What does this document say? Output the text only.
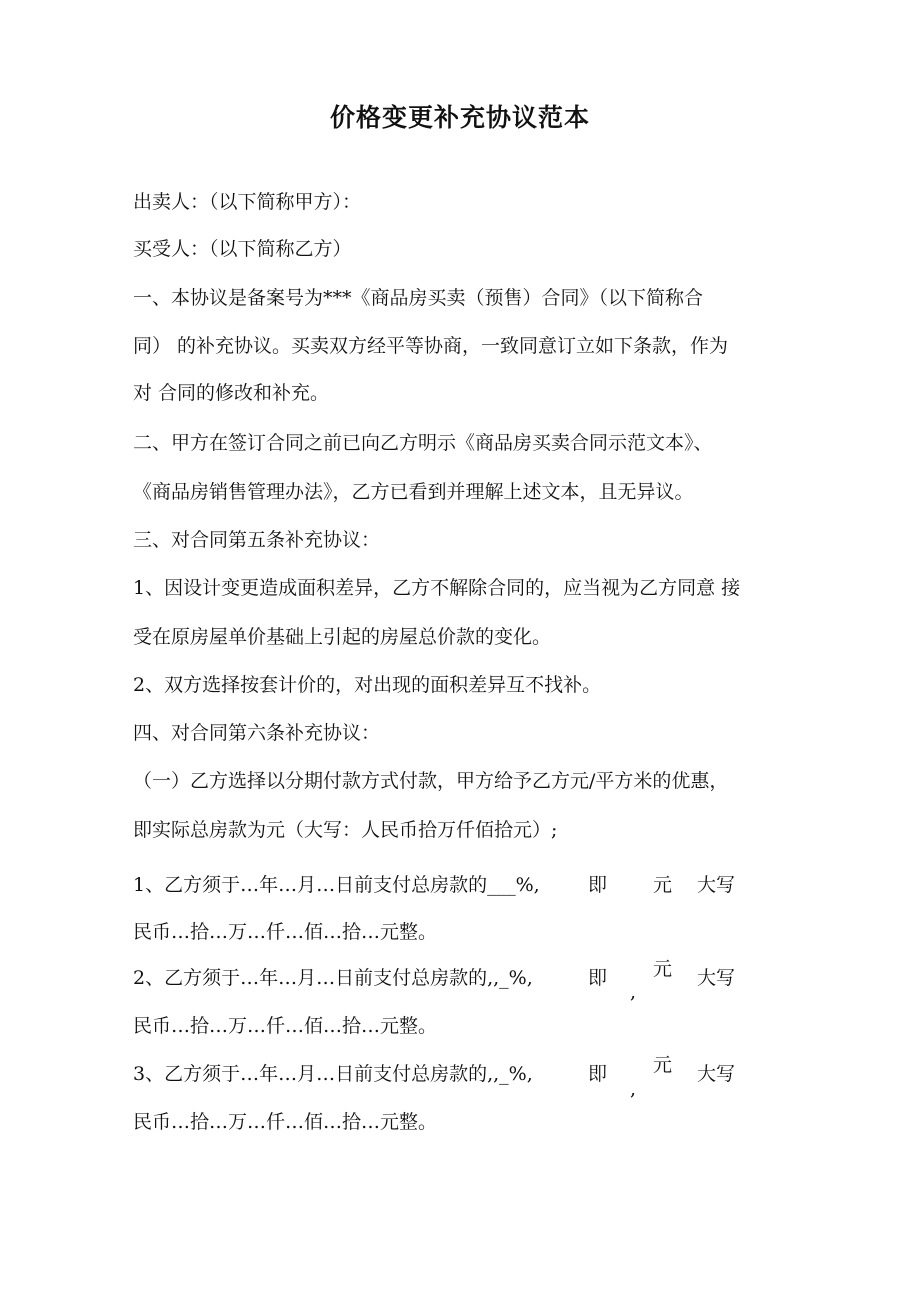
价格变更补充协议范本
出卖人：（以下简称甲方）：
买受人：（以下简称乙方）
一、本协议是备案号为***《商品房买卖（预售）合同》（以下简称合
同） 的补充协议。买卖双方经平等协商，一致同意订立如下条款，作为
对 合同的修改和补充。
二、甲方在签订合同之前已向乙方明示《商品房买卖合同示范文本》、
《商品房销售管理办法》，乙方已看到并理解上述文本，且无异议。
三、对合同第五条补充协议：
1、因设计变更造成面积差异，乙方不解除合同的，应当视为乙方同意 接
受在原房屋单价基础上引起的房屋总价款的变化。
2、双方选择按套计价的，对出现的面积差异互不找补。
四、对合同第六条补充协议：
（一）乙方选择以分期付款方式付款，甲方给予乙方元/平方米的优惠，
即实际总房款为元（大写：人民币拾万仟佰拾元）;
1、乙方须于…年…月…日前支付总房款的___%,	即 元 大写
民币…拾…万…仟…佰…拾…元整。
2、乙方须于…年…月…日前支付总房款的,,_%,	即
,
元 大写
民币…拾…万…仟…佰…拾…元整。
3、乙方须于…年…月…日前支付总房款的,,_%,	即
,
元 大写
民币…拾…万…仟…佰…拾…元整。
